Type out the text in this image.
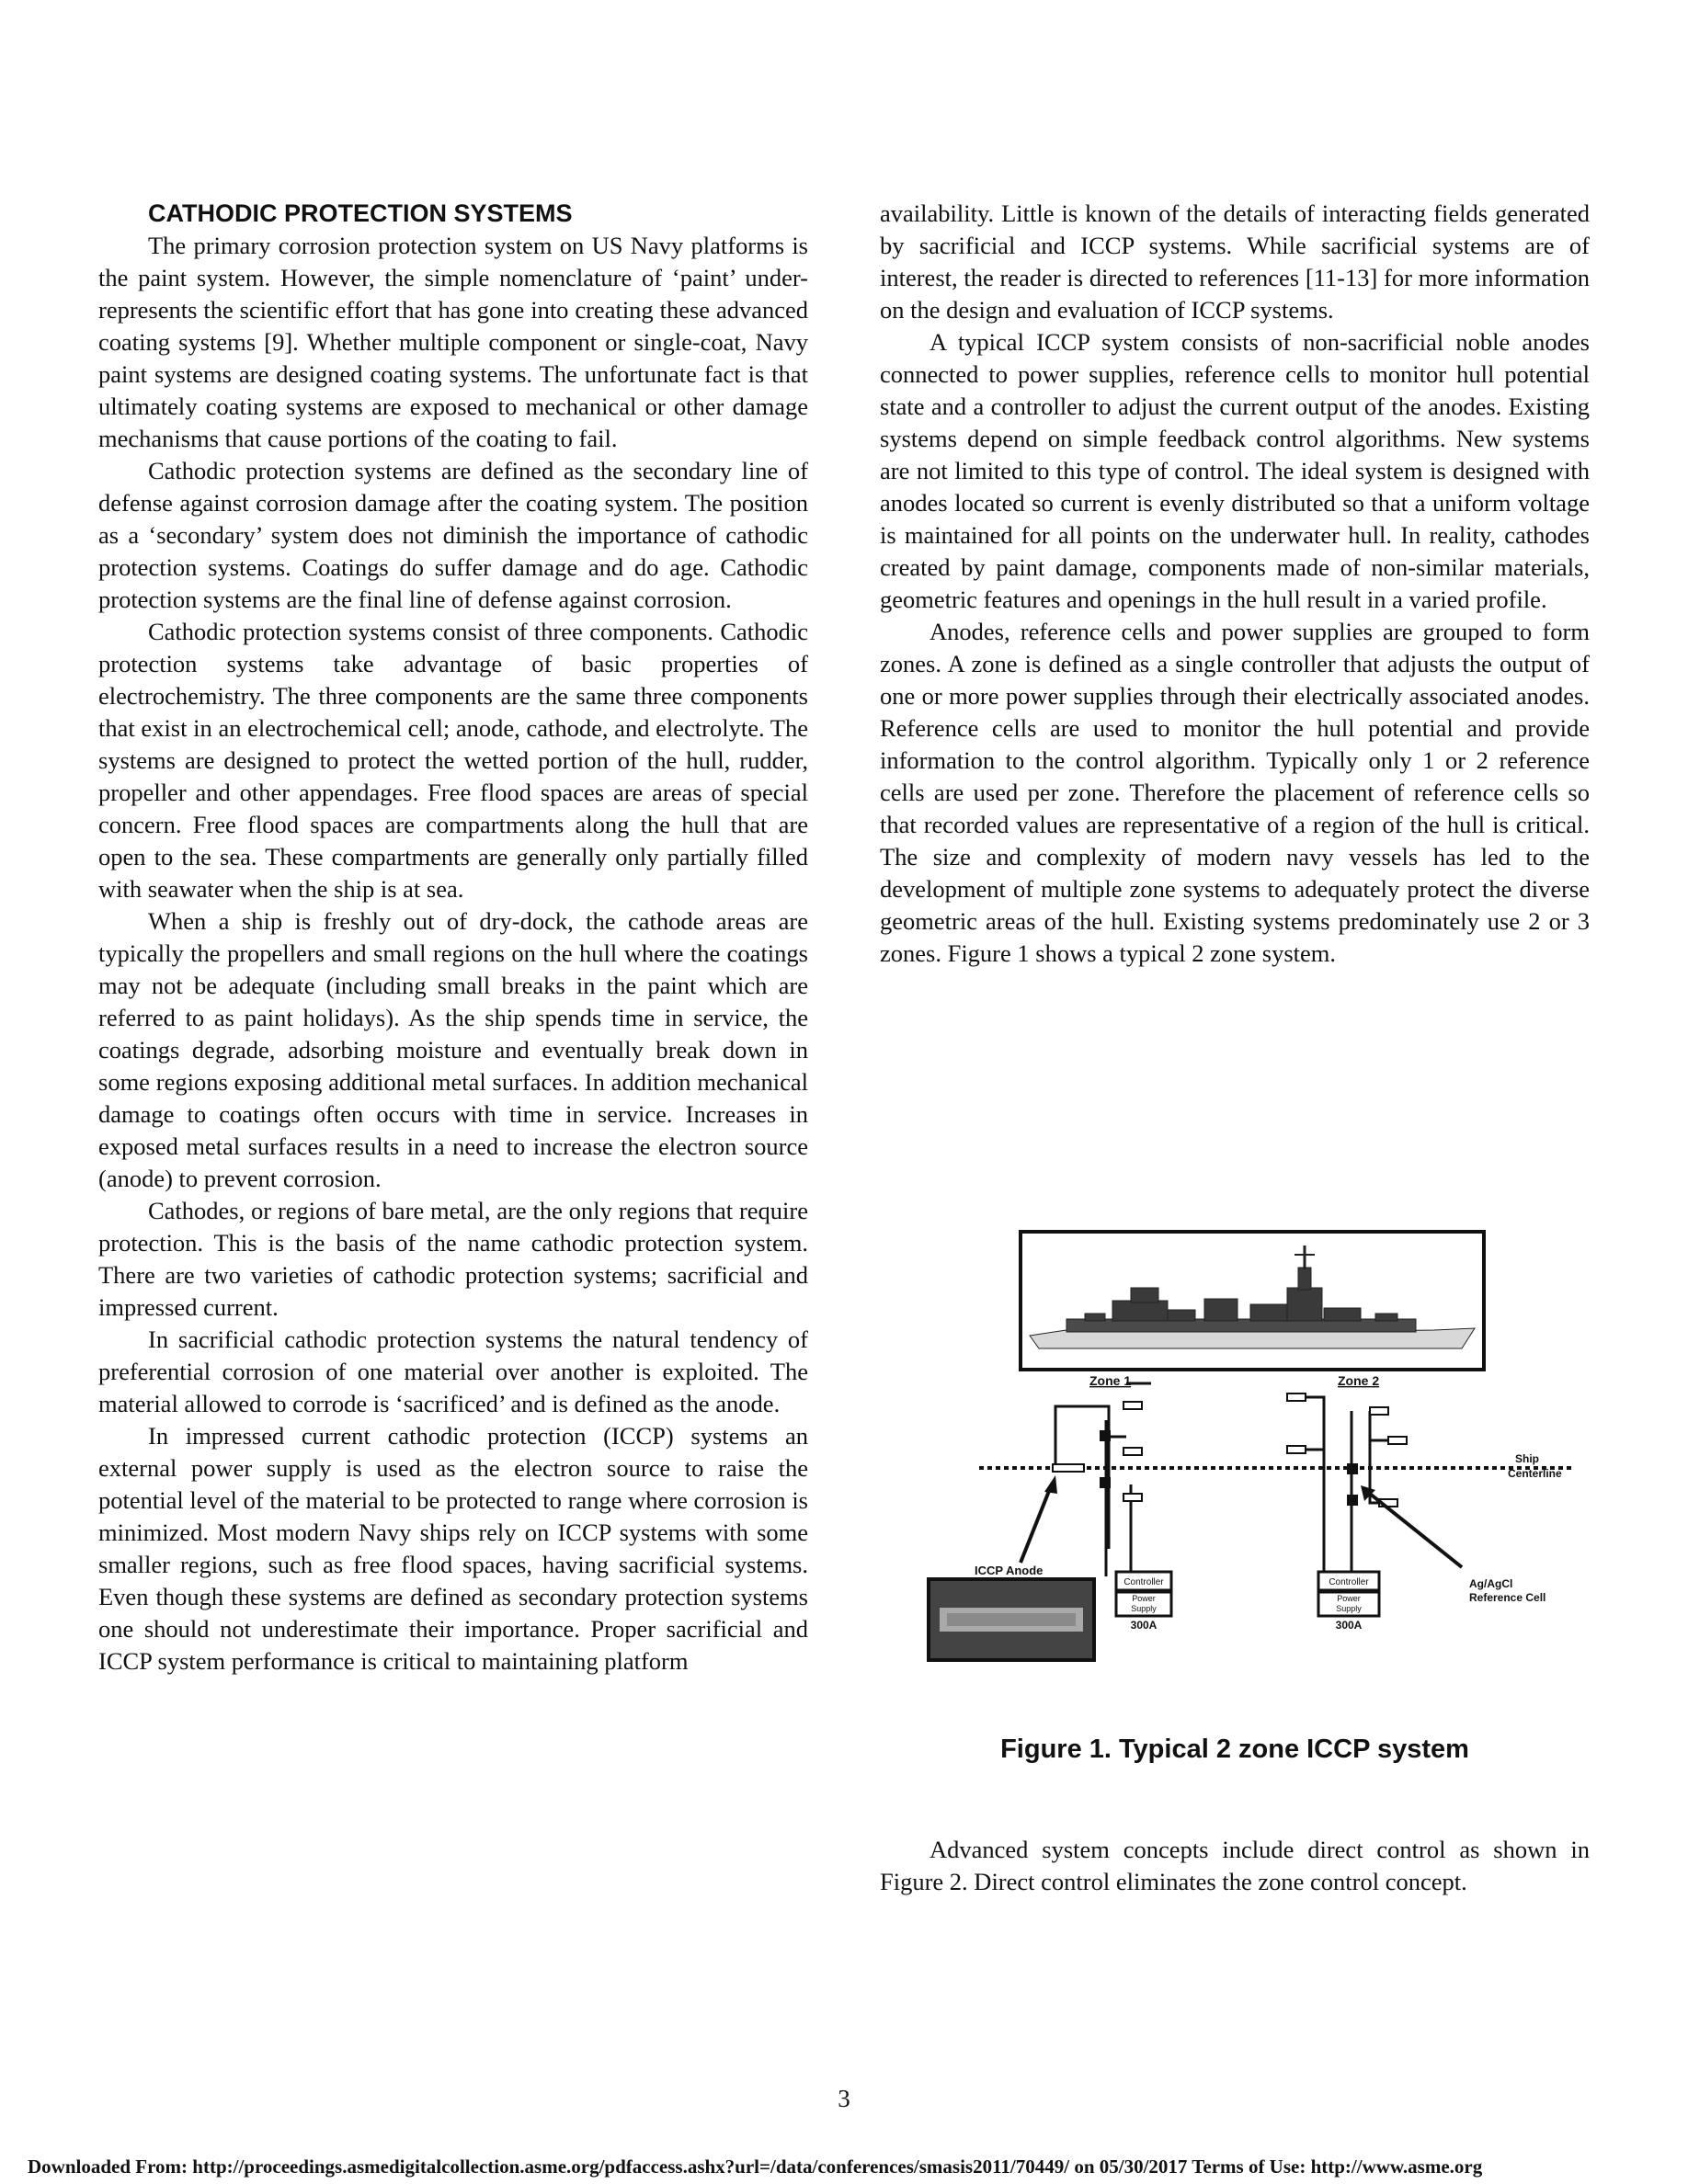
CATHODIC PROTECTION SYSTEMS

The primary corrosion protection system on US Navy platforms is the paint system. However, the simple nomenclature of ‘paint’ under-represents the scientific effort that has gone into creating these advanced coating systems [9]. Whether multiple component or single-coat, Navy paint systems are designed coating systems. The unfortunate fact is that ultimately coating systems are exposed to mechanical or other damage mechanisms that cause portions of the coating to fail.

Cathodic protection systems are defined as the secondary line of defense against corrosion damage after the coating system. The position as a ‘secondary’ system does not diminish the importance of cathodic protection systems. Coatings do suffer damage and do age. Cathodic protection systems are the final line of defense against corrosion.

Cathodic protection systems consist of three components. Cathodic protection systems take advantage of basic properties of electrochemistry. The three components are the same three components that exist in an electrochemical cell; anode, cathode, and electrolyte. The systems are designed to protect the wetted portion of the hull, rudder, propeller and other appendages. Free flood spaces are areas of special concern. Free flood spaces are compartments along the hull that are open to the sea. These compartments are generally only partially filled with seawater when the ship is at sea.

When a ship is freshly out of dry-dock, the cathode areas are typically the propellers and small regions on the hull where the coatings may not be adequate (including small breaks in the paint which are referred to as paint holidays). As the ship spends time in service, the coatings degrade, adsorbing moisture and eventually break down in some regions exposing additional metal surfaces. In addition mechanical damage to coatings often occurs with time in service. Increases in exposed metal surfaces results in a need to increase the electron source (anode) to prevent corrosion.

Cathodes, or regions of bare metal, are the only regions that require protection. This is the basis of the name cathodic protection system. There are two varieties of cathodic protection systems; sacrificial and impressed current.

In sacrificial cathodic protection systems the natural tendency of preferential corrosion of one material over another is exploited. The material allowed to corrode is ‘sacrificed’ and is defined as the anode.

In impressed current cathodic protection (ICCP) systems an external power supply is used as the electron source to raise the potential level of the material to be protected to range where corrosion is minimized. Most modern Navy ships rely on ICCP systems with some smaller regions, such as free flood spaces, having sacrificial systems. Even though these systems are defined as secondary protection systems one should not underestimate their importance. Proper sacrificial and ICCP system performance is critical to maintaining platform

availability. Little is known of the details of interacting fields generated by sacrificial and ICCP systems. While sacrificial systems are of interest, the reader is directed to references [11-13] for more information on the design and evaluation of ICCP systems.

A typical ICCP system consists of non-sacrificial noble anodes connected to power supplies, reference cells to monitor hull potential state and a controller to adjust the current output of the anodes. Existing systems depend on simple feedback control algorithms. New systems are not limited to this type of control. The ideal system is designed with anodes located so current is evenly distributed so that a uniform voltage is maintained for all points on the underwater hull. In reality, cathodes created by paint damage, components made of non-similar materials, geometric features and openings in the hull result in a varied profile.

Anodes, reference cells and power supplies are grouped to form zones. A zone is defined as a single controller that adjusts the output of one or more power supplies through their electrically associated anodes. Reference cells are used to monitor the hull potential and provide information to the control algorithm. Typically only 1 or 2 reference cells are used per zone. Therefore the placement of reference cells so that recorded values are representative of a region of the hull is critical. The size and complexity of modern navy vessels has led to the development of multiple zone systems to adequately protect the diverse geometric areas of the hull. Existing systems predominately use 2 or 3 zones. Figure 1 shows a typical 2 zone system.

Zone 1	Zone 2
Ship
Centerline
Controller
Power
Supply
300A
Controller
Power
Supply
300A
ICCP Anode
Ag/AgCl
Reference Cell
Figure 1. Typical 2 zone ICCP system

Advanced system concepts include direct control as shown in Figure 2. Direct control eliminates the zone control concept.

3
Downloaded From: http://proceedings.asmedigitalcollection.asme.org/pdfaccess.ashx?url=/data/conferences/smasis2011/70449/ on 05/30/2017 Terms of Use: http://www.asme.org
